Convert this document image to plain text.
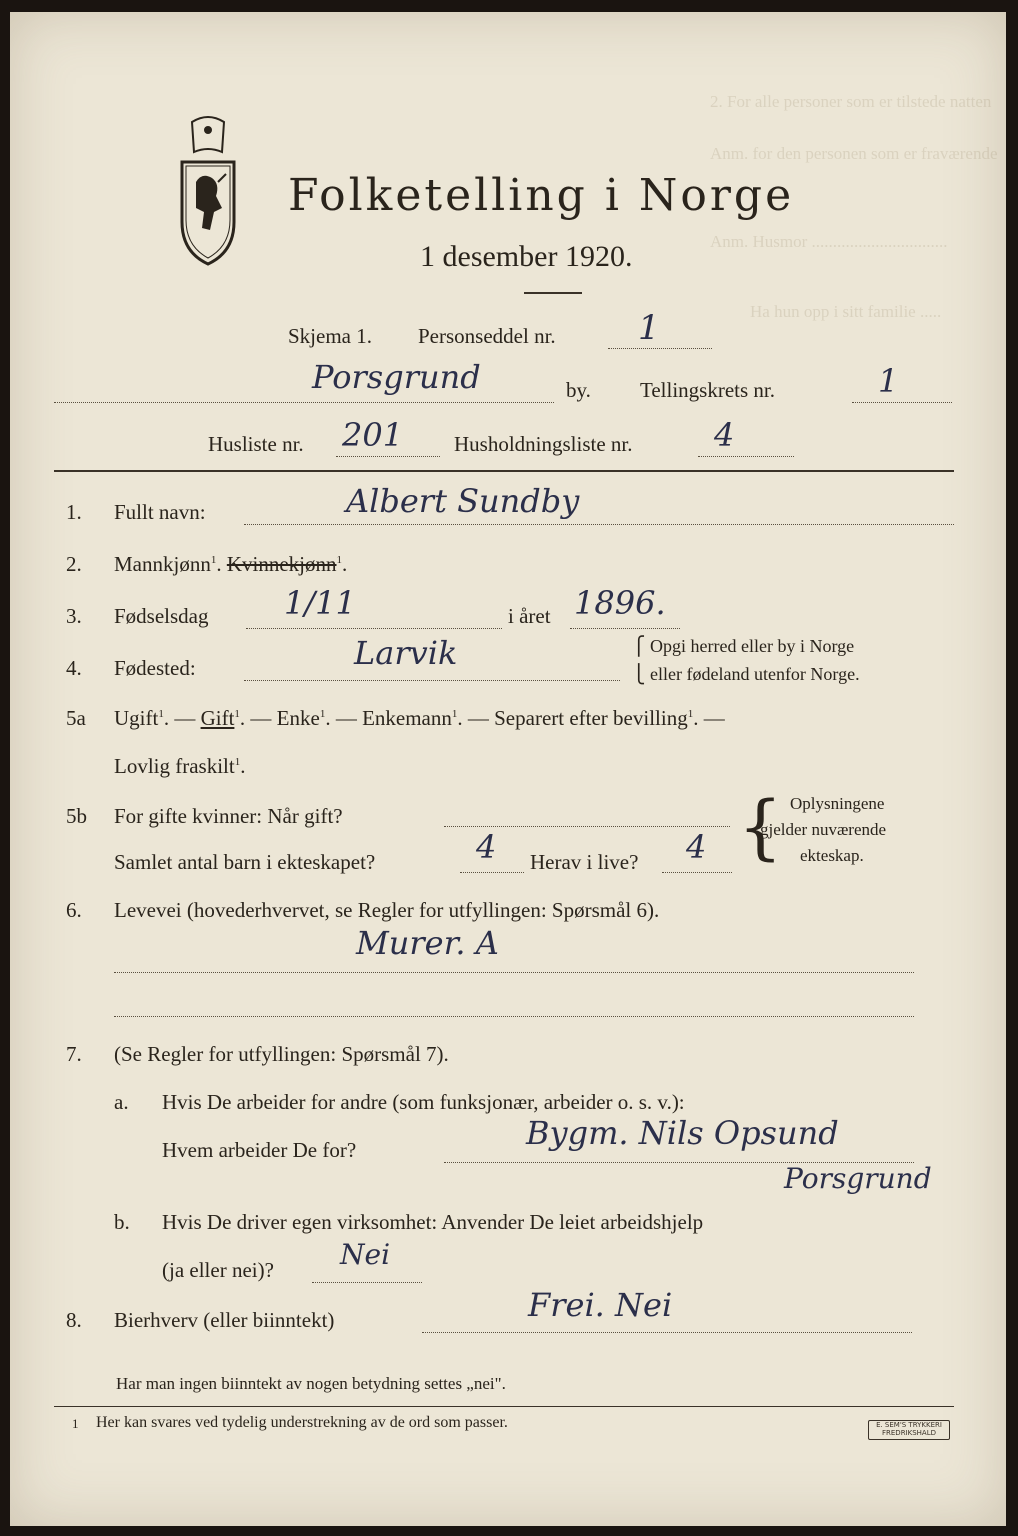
2. For alle personer som er tilstede natten
Anm. for den personen som er fraværende
Anm. Husmor ................................
Ha hun opp i sitt familie .....
Folketelling i Norge
1 desember 1920.
Skjema 1. Personseddel nr. 1
Porsgrund	by. Tellingskrets nr.	1
Husliste nr. 201 Husholdningsliste nr.	4
1. Fullt navn:	Albert Sundby
2. Mannkjønn$^1$. Kvinnekjønn$^1$.
3. Fødselsdag 1/11	i året 1896.
4. Fødested:	Larvik	⎧ Opgi herred eller by i Norge
⎩ eller fødeland utenfor Norge.
5a Ugift$^1$. — Gift$^1$. — Enke$^1$. — Enkemann$^1$. — Separert efter bevilling$^1$. —
Lovlig fraskilt$^1$.
5b For gifte kvinner: Når gift?
Samlet antal barn i ekteskapet?	4 Herav i live? 4 { Oplysningene
gjelder nuværende
ekteskap.
6. Levevei (hovederhvervet, se Regler for utfyllingen: Spørsmål 6).
Murer. A
7. (Se Regler for utfyllingen: Spørsmål 7).
a. Hvis De arbeider for andre (som funksjonær, arbeider o. s. v.):
Hvem arbeider De for?	Bygm. Nils Opsund
Porsgrund
b. Hvis De driver egen virksomhet: Anvender De leiet arbeidshjelp
(ja eller nei)? Nei
8. Bierhverv (eller biinntekt)	Frei. Nei
Har man ingen biinntekt av nogen betydning settes „nei".
1 Her kan svares ved tydelig understrekning av de ord som passer.	E. SEM'S TRYKKERI
FREDRIKSHALD
